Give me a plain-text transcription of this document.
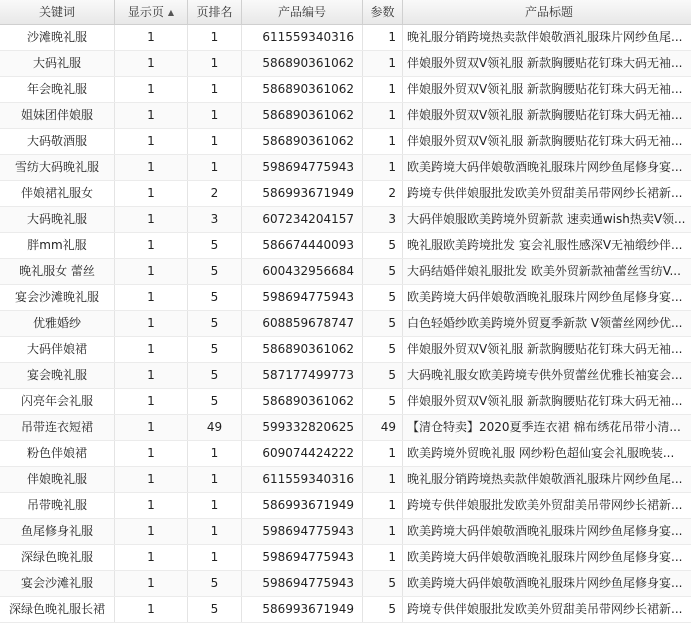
关键词	显示页 ▲	页排名	产品编号	参数	产品标题
沙滩晚礼服	1	1	611559340316	1 晚礼服分销跨境热卖款伴娘敬酒礼服珠片网纱鱼尾...
大码礼服	1	1	586890361062	1 伴娘服外贸双V领礼服 新款胸腰贴花钉珠大码无袖...
年会晚礼服	1	1	586890361062	1 伴娘服外贸双V领礼服 新款胸腰贴花钉珠大码无袖...
姐妹团伴娘服	1	1	586890361062	1 伴娘服外贸双V领礼服 新款胸腰贴花钉珠大码无袖...
大码敬酒服	1	1	586890361062	1 伴娘服外贸双V领礼服 新款胸腰贴花钉珠大码无袖...
雪纺大码晚礼服	1	1	598694775943	1 欧美跨境大码伴娘敬酒晚礼服珠片网纱鱼尾修身宴...
伴娘裙礼服女	1	2	586993671949	2 跨境专供伴娘服批发欧美外贸甜美吊带网纱长裙新...
大码晚礼服	1	3	607234204157	3 大码伴娘服欧美跨境外贸新款 速卖通wish热卖V领...
胖mm礼服	1	5	586674440093	5 晚礼服欧美跨境批发 宴会礼服性感深V无袖缎纱伴...
晚礼服女 蕾丝	1	5	600432956684	5 大码结婚伴娘礼服批发 欧美外贸新款袖蕾丝雪纺V...
宴会沙滩晚礼服	1	5	598694775943	5 欧美跨境大码伴娘敬酒晚礼服珠片网纱鱼尾修身宴...
优雅婚纱	1	5	608859678747	5 白色轻婚纱欧美跨境外贸夏季新款 V领蕾丝网纱优...
大码伴娘裙	1	5	586890361062	5 伴娘服外贸双V领礼服 新款胸腰贴花钉珠大码无袖...
宴会晚礼服	1	5	587177499773	5 大码晚礼服女欧美跨境专供外贸蕾丝优雅长袖宴会...
闪亮年会礼服	1	5	586890361062	5 伴娘服外贸双V领礼服 新款胸腰贴花钉珠大码无袖...
吊带连衣短裙	1	49	599332820625	49 【清仓特卖】2020夏季连衣裙 棉布绣花吊带小清...
粉色伴娘裙	1	1	609074424222	1 欧美跨境外贸晚礼服 网纱粉色超仙宴会礼服晚装...
伴娘晚礼服	1	1	611559340316	1 晚礼服分销跨境热卖款伴娘敬酒礼服珠片网纱鱼尾...
吊带晚礼服	1	1	586993671949	1 跨境专供伴娘服批发欧美外贸甜美吊带网纱长裙新...
鱼尾修身礼服	1	1	598694775943	1 欧美跨境大码伴娘敬酒晚礼服珠片网纱鱼尾修身宴...
深绿色晚礼服	1	1	598694775943	1 欧美跨境大码伴娘敬酒晚礼服珠片网纱鱼尾修身宴...
宴会沙滩礼服	1	5	598694775943	5 欧美跨境大码伴娘敬酒晚礼服珠片网纱鱼尾修身宴...
深绿色晚礼服长裙	1	5	586993671949	5 跨境专供伴娘服批发欧美外贸甜美吊带网纱长裙新...
